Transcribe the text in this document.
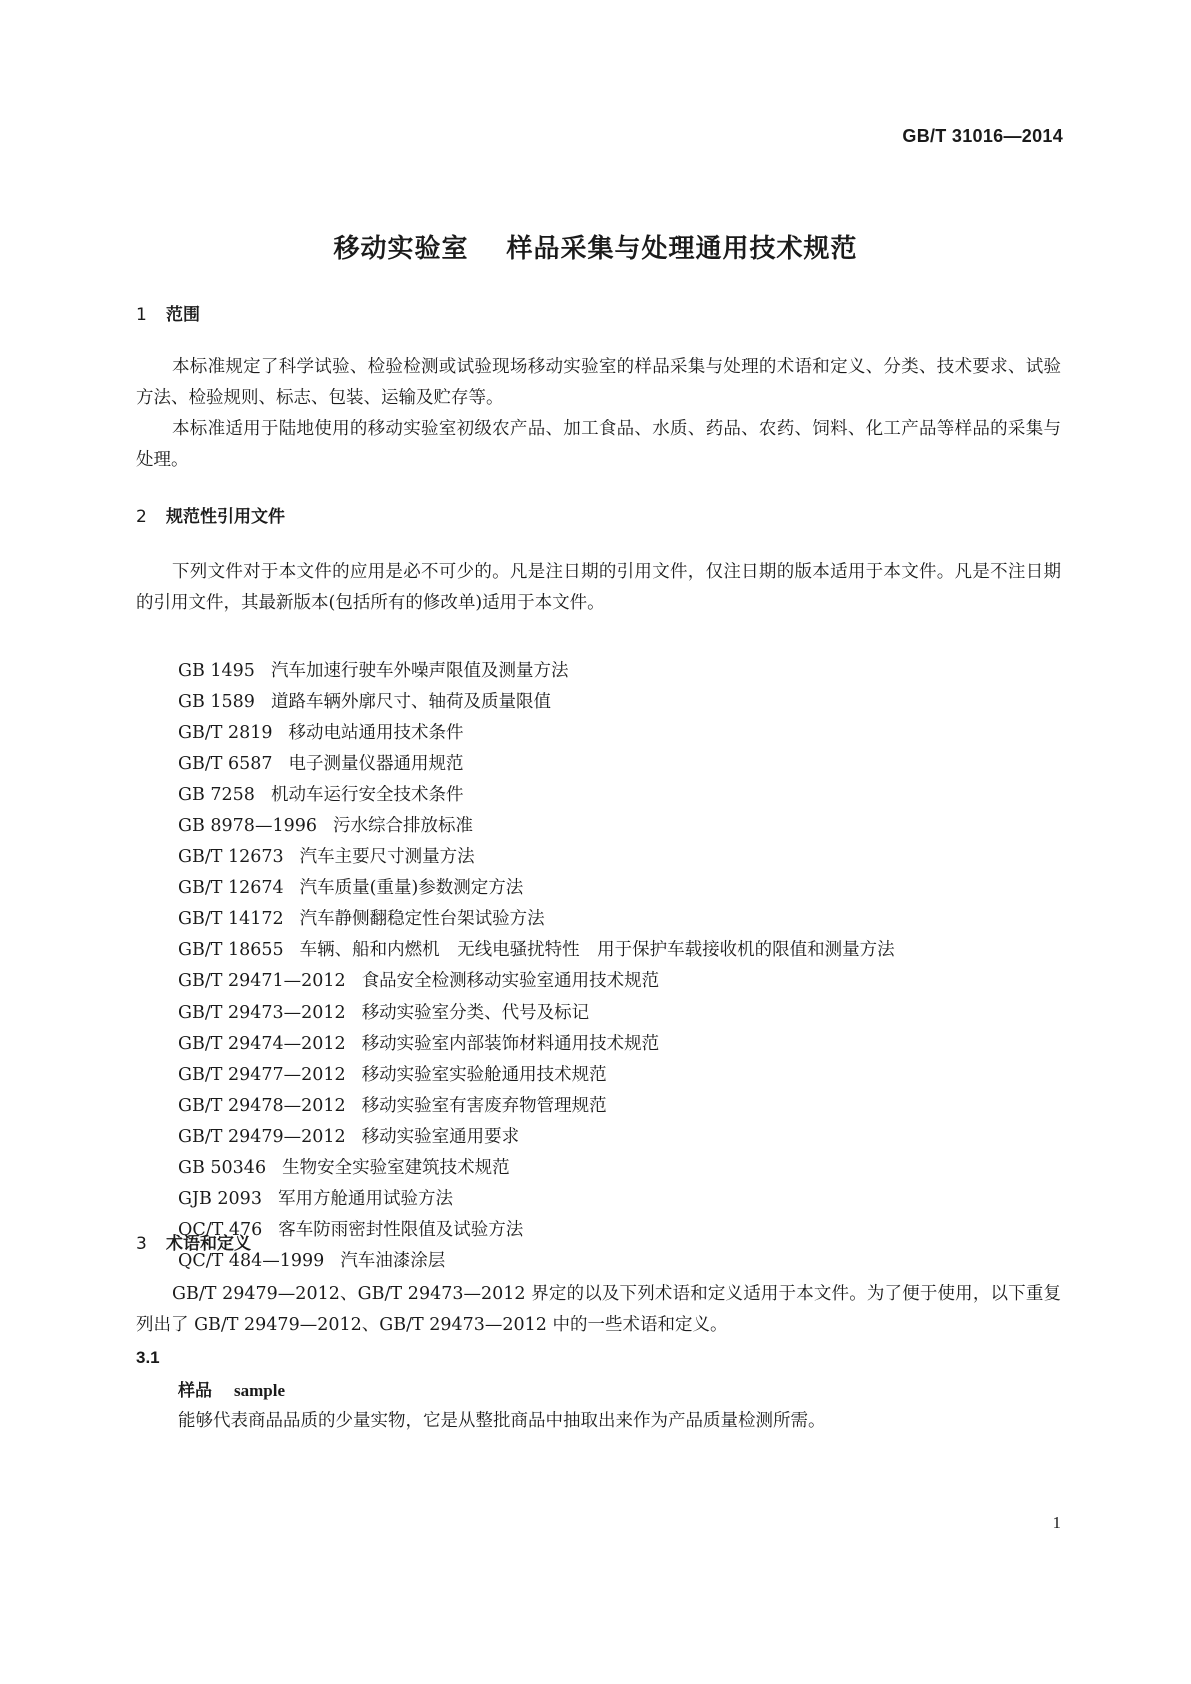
GB/T 31016—2014
移动实验室 样品采集与处理通用技术规范
1 范围

本标准规定了科学试验、检验检测或试验现场移动实验室的样品采集与处理的术语和定义、分类、技术要求、试验方法、检验规则、标志、包装、运输及贮存等。

本标准适用于陆地使用的移动实验室初级农产品、加工食品、水质、药品、农药、饲料、化工产品等样品的采集与处理。

2 规范性引用文件

下列文件对于本文件的应用是必不可少的。凡是注日期的引用文件，仅注日期的版本适用于本文件。凡是不注日期的引用文件，其最新版本(包括所有的修改单)适用于本文件。

GB 1495 汽车加速行驶车外噪声限值及测量方法
GB 1589 道路车辆外廓尺寸、轴荷及质量限值
GB/T 2819 移动电站通用技术条件
GB/T 6587 电子测量仪器通用规范
GB 7258 机动车运行安全技术条件
GB 8978—1996 污水综合排放标准
GB/T 12673 汽车主要尺寸测量方法
GB/T 12674 汽车质量(重量)参数测定方法
GB/T 14172 汽车静侧翻稳定性台架试验方法
GB/T 18655 车辆、船和内燃机　无线电骚扰特性　用于保护车载接收机的限值和测量方法
GB/T 29471—2012 食品安全检测移动实验室通用技术规范
GB/T 29473—2012 移动实验室分类、代号及标记
GB/T 29474—2012 移动实验室内部装饰材料通用技术规范
GB/T 29477—2012 移动实验室实验舱通用技术规范
GB/T 29478—2012 移动实验室有害废弃物管理规范
GB/T 29479—2012 移动实验室通用要求
GB 50346 生物安全实验室建筑技术规范
GJB 2093 军用方舱通用试验方法
QC/T 476 客车防雨密封性限值及试验方法
QC/T 484—1999 汽车油漆涂层
3 术语和定义

GB/T 29479—2012、GB/T 29473—2012 界定的以及下列术语和定义适用于本文件。为了便于使用，以下重复列出了 GB/T 29479—2012、GB/T 29473—2012 中的一些术语和定义。

3.1
样品 sample
能够代表商品品质的少量实物，它是从整批商品中抽取出来作为产品质量检测所需。
1
